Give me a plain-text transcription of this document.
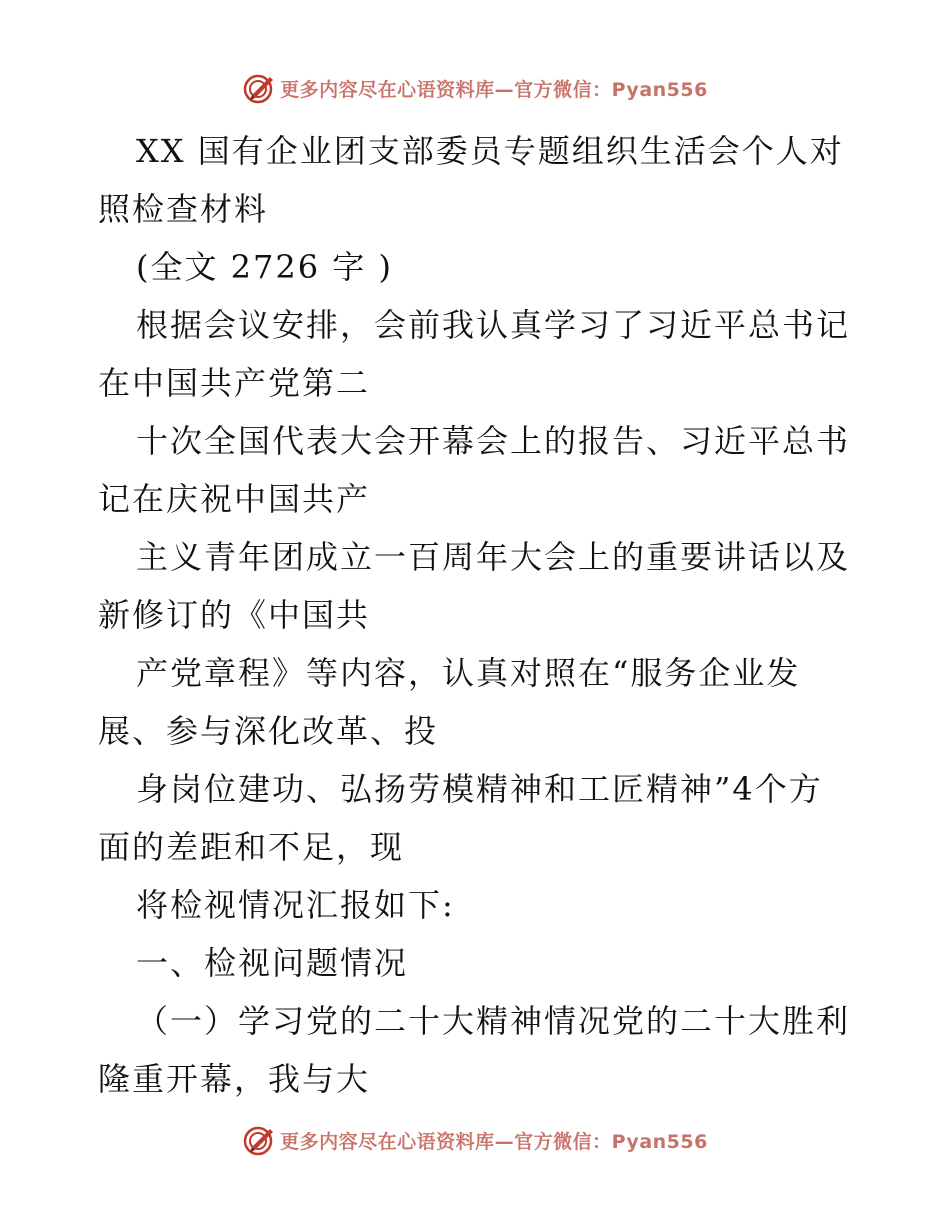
更多内容尽在心语资料库—官方微信：Pyan556
XX 国有企业团支部委员专题组织生活会个人对
照检查材料
(全文 2726 字 )
根据会议安排，会前我认真学习了习近平总书记
在中国共产党第二
十次全国代表大会开幕会上的报告、习近平总书
记在庆祝中国共产
主义青年团成立一百周年大会上的重要讲话以及
新修订的《中国共
产党章程》等内容，认真对照在“服务企业发
展、参与深化改革、投
身岗位建功、弘扬劳模精神和工匠精神”4个方
面的差距和不足，现
将检视情况汇报如下:
一、检视问题情况
（一）学习党的二十大精神情况党的二十大胜利
隆重开幕，我与大
更多内容尽在心语资料库—官方微信：Pyan556
